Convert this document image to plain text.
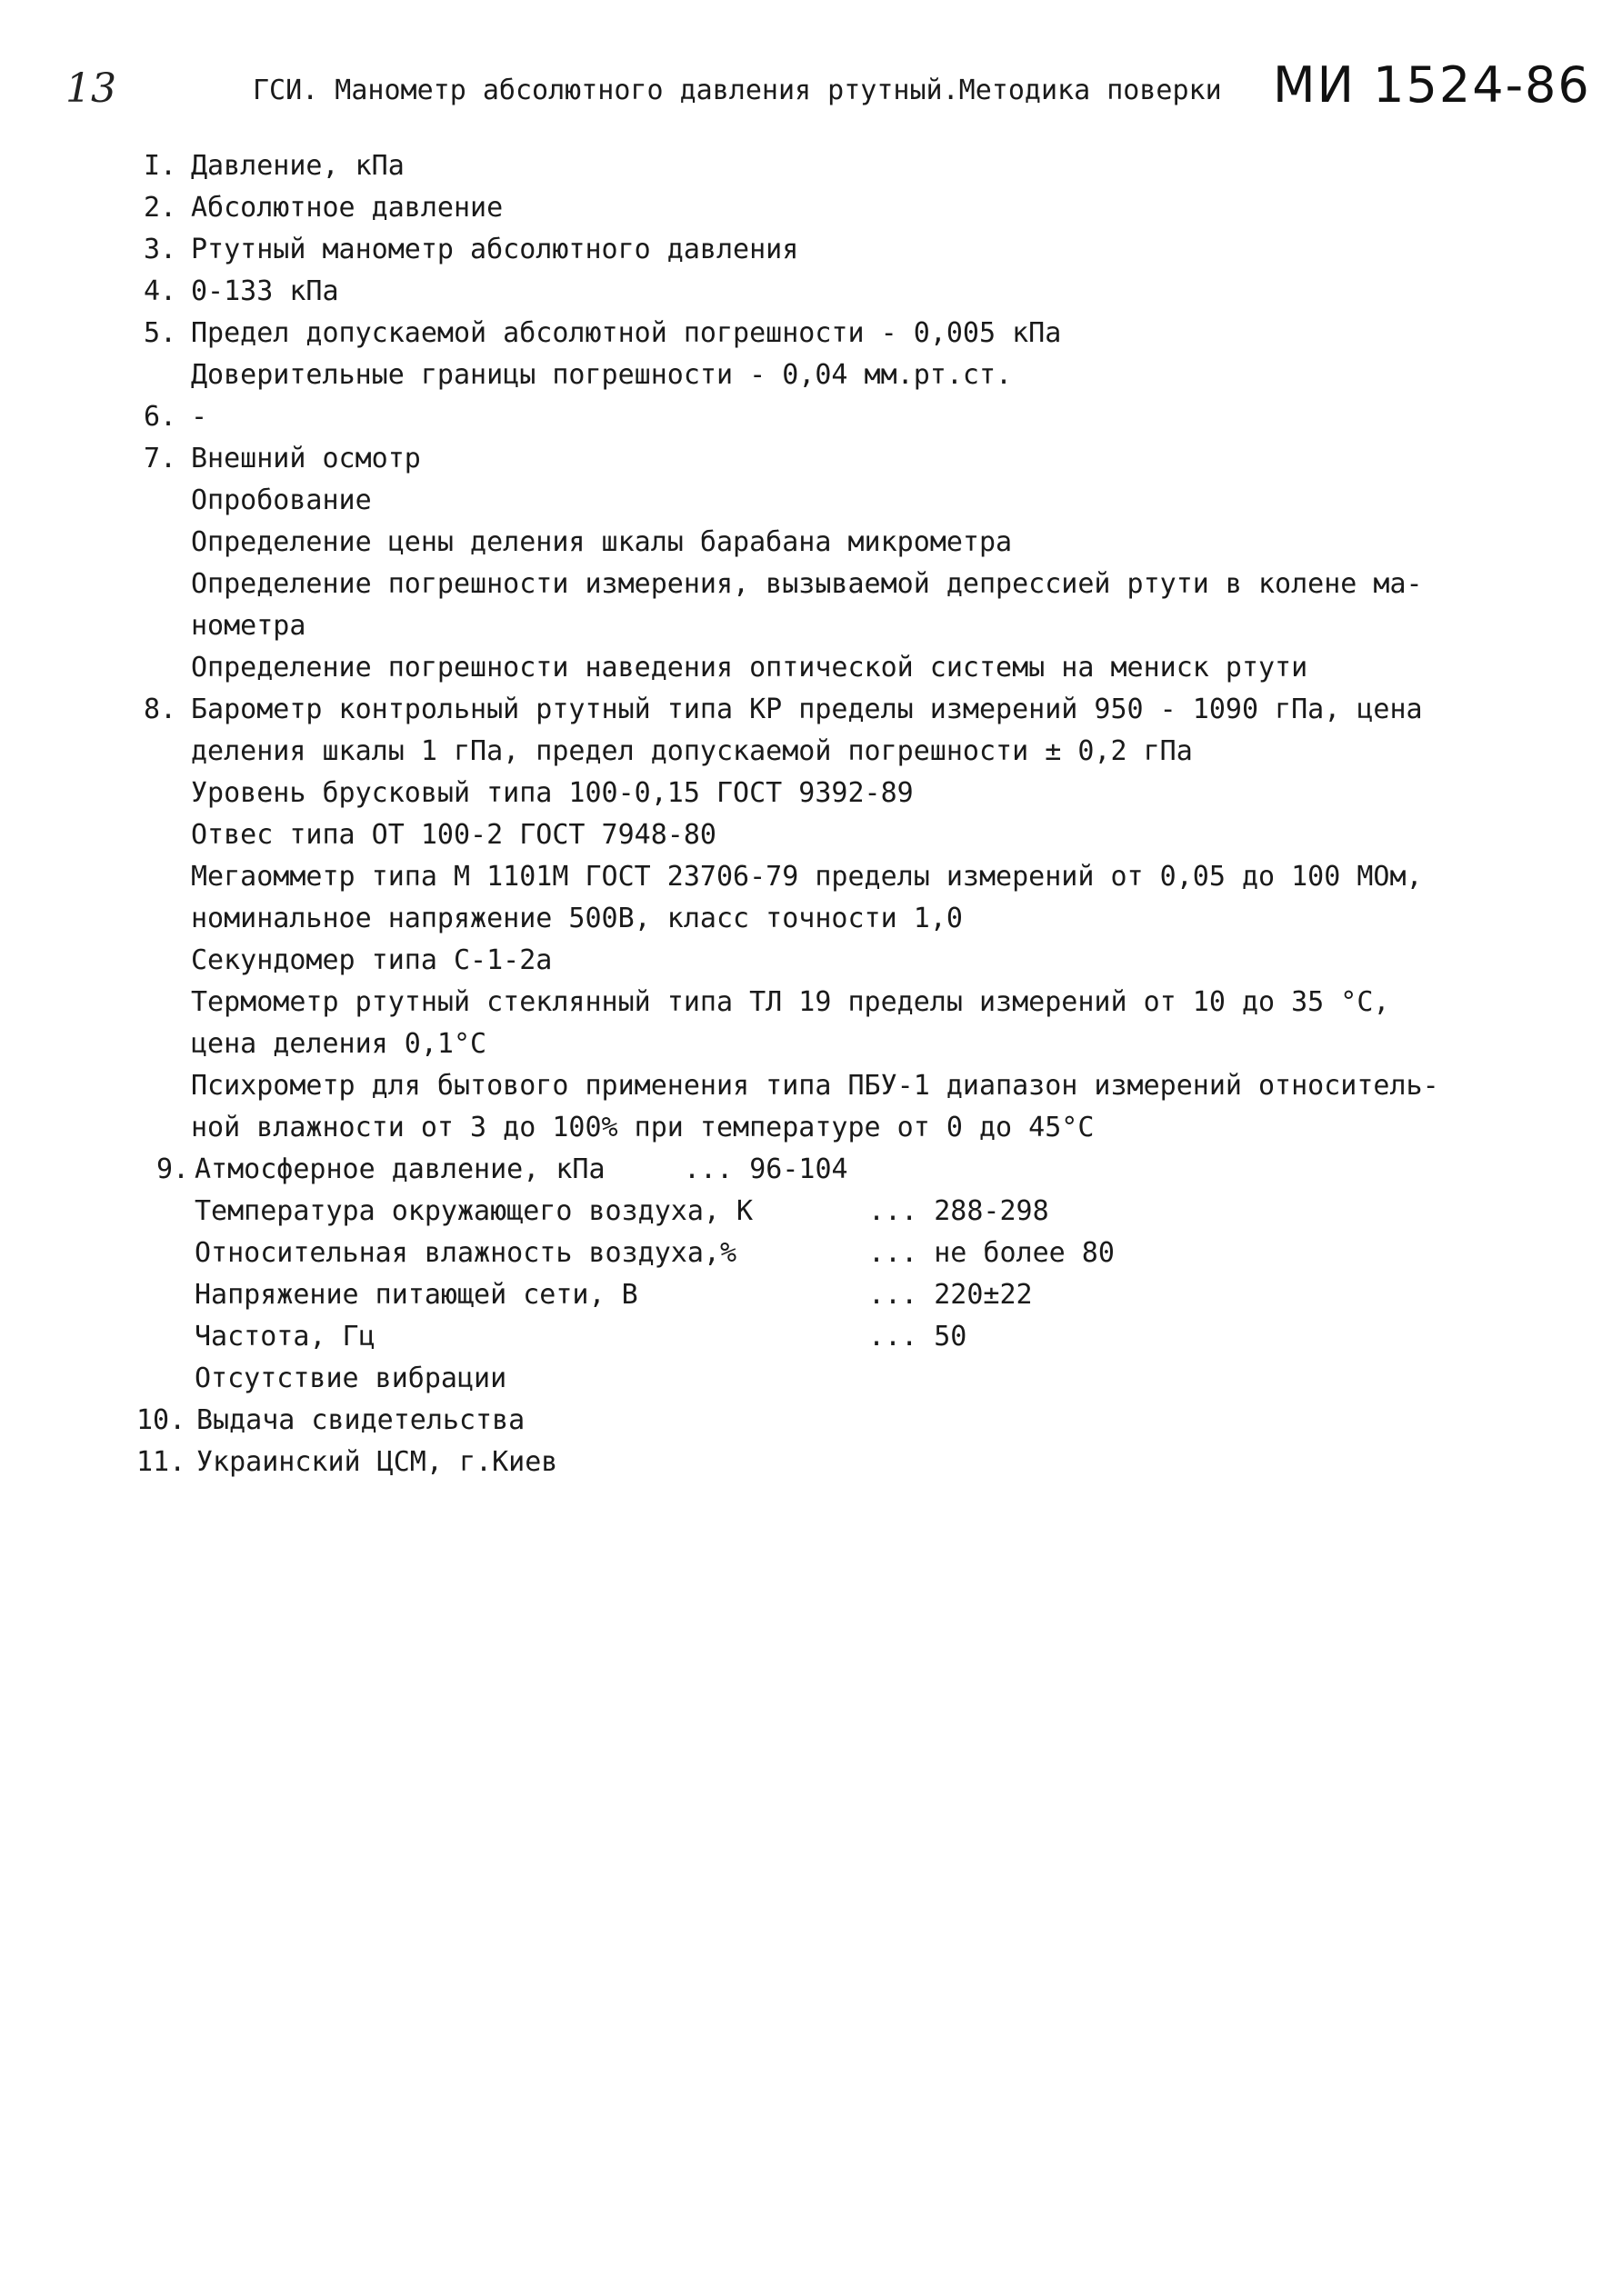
13	ГСИ. Манометр абсолютного давления ртутный.Методика поверки МИ 1524-86
I. Давление, кПа
2. Абсолютное давление
3. Ртутный манометр абсолютного давления
4. 0-133 кПа
5. Предел допускаемой абсолютной погрешности - 0,005 кПа
Доверительные границы погрешности - 0,04 мм.рт.ст.
6. -
7. Внешний осмотр
Опробование
Определение цены деления шкалы барабана микрометра
Определение погрешности измерения, вызываемой депрессией ртути в колене ма-
нометра
Определение погрешности наведения оптической системы на мениск ртути
8. Барометр контрольный ртутный типа КР пределы измерений 950 - 1090 гПа, цена
деления шкалы 1 гПа, предел допускаемой погрешности ± 0,2 гПа
Уровень брусковый типа 100-0,15 ГОСТ 9392-89
Отвес типа ОТ 100-2 ГОСТ 7948-80
Мегаомметр типа М 1101М ГОСТ 23706-79 пределы измерений от 0,05 до 100 МОм,
номинальное напряжение 500В, класс точности 1,0
Секундомер типа С-1-2а
Термометр ртутный стеклянный типа ТЛ 19 пределы измерений от 10 до 35 °С,
цена деления 0,1°С
Психрометр для бытового применения типа ПБУ-1 диапазон измерений относитель-
ной влажности от 3 до 100% при температуре от 0 до 45°С
9. Атмосферное давление, кПа	... 96-104
Температура окружающего воздуха, К	... 288-298
Относительная влажность воздуха,%	... не более 80
Напряжение питающей сети, В	... 220±22
Частота, Гц	... 50
Отсутствие вибрации
10. Выдача свидетельства
11. Украинский ЦСМ, г.Киев
